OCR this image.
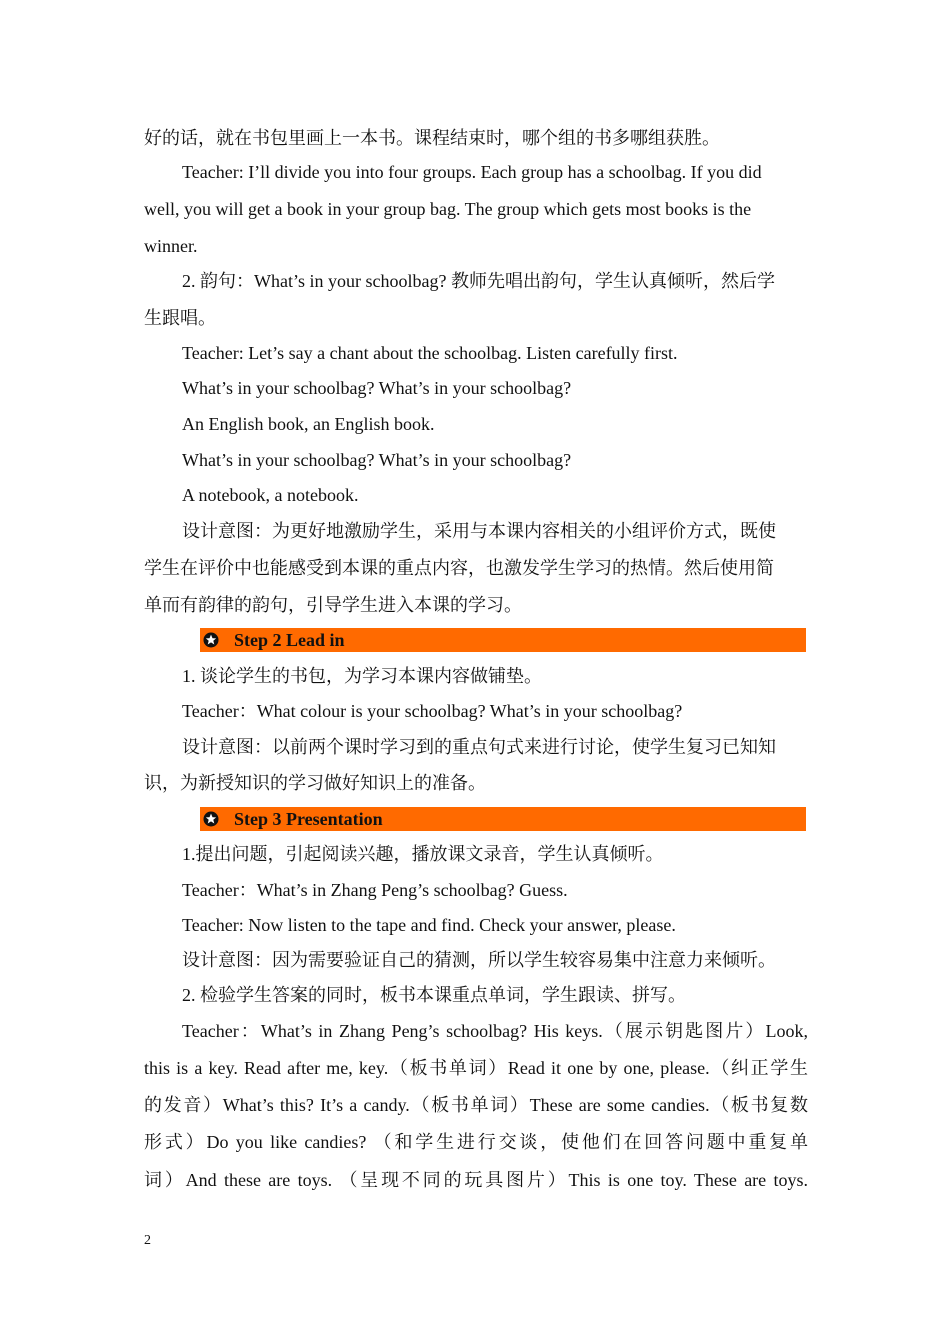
好的话，就在书包里画上一本书。课程结束时，哪个组的书多哪组获胜。
Teacher: I’ll divide you into four groups. Each group has a schoolbag. If you did
well, you will get a book in your group bag. The group which gets most books is the
winner.
2. 韵句：What’s in your schoolbag? 教师先唱出韵句，学生认真倾听，然后学
生跟唱。
Teacher: Let’s say a chant about the schoolbag. Listen carefully first.
What’s in your schoolbag? What’s in your schoolbag?
An English book, an English book.
What’s in your schoolbag? What’s in your schoolbag?
A notebook, a notebook.
设计意图：为更好地激励学生，采用与本课内容相关的小组评价方式，既使
学生在评价中也能感受到本课的重点内容，也激发学生学习的热情。然后使用简
单而有韵律的韵句，引导学生进入本课的学习。
Step 2 Lead in
1. 谈论学生的书包，为学习本课内容做铺垫。
Teacher：What colour is your schoolbag? What’s in your schoolbag?
设计意图：以前两个课时学习到的重点句式来进行讨论，使学生复习已知知
识，为新授知识的学习做好知识上的准备。
Step 3 Presentation
1.提出问题，引起阅读兴趣，播放课文录音，学生认真倾听。
Teacher：What’s in Zhang Peng’s schoolbag? Guess.
Teacher: Now listen to the tape and find. Check your answer, please.
设计意图：因为需要验证自己的猜测，所以学生较容易集中注意力来倾听。
2. 检验学生答案的同时，板书本课重点单词，学生跟读、拼写。
Teacher：What’s in Zhang Peng’s schoolbag? His keys.（展示钥匙图片）Look,
this is a key. Read after me, key.（板书单词）Read it one by one, please.（纠正学生
的发音）What’s this? It’s a candy.（板书单词）These are some candies.（板书复数
形式）Do you like candies? （和学生进行交谈，使他们在回答问题中重复单
词）And these are toys. （呈现不同的玩具图片）This is one toy. These are toys.
2
